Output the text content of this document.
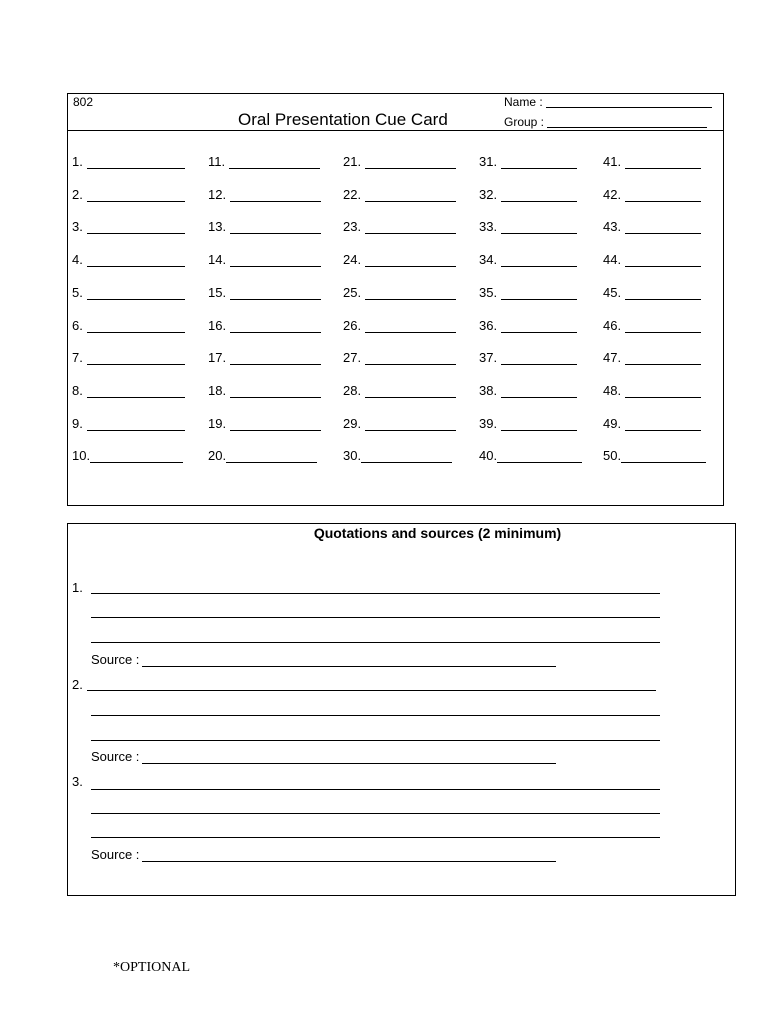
802
Oral Presentation Cue Card
Name :
Group :
1.
2.
3.
4.
5.
6.
7.
8.
9.
10.
11.
12.
13.
14.
15.
16.
17.
18.
19.
20.
21.
22.
23.
24.
25.
26.
27.
28.
29.
30.
31.
32.
33.
34.
35.
36.
37.
38.
39.
40.
41.
42.
43.
44.
45.
46.
47.
48.
49.
50.
Quotations and sources (2 minimum)
1.
Source :
2.
Source :
3.
Source :
*OPTIONAL
